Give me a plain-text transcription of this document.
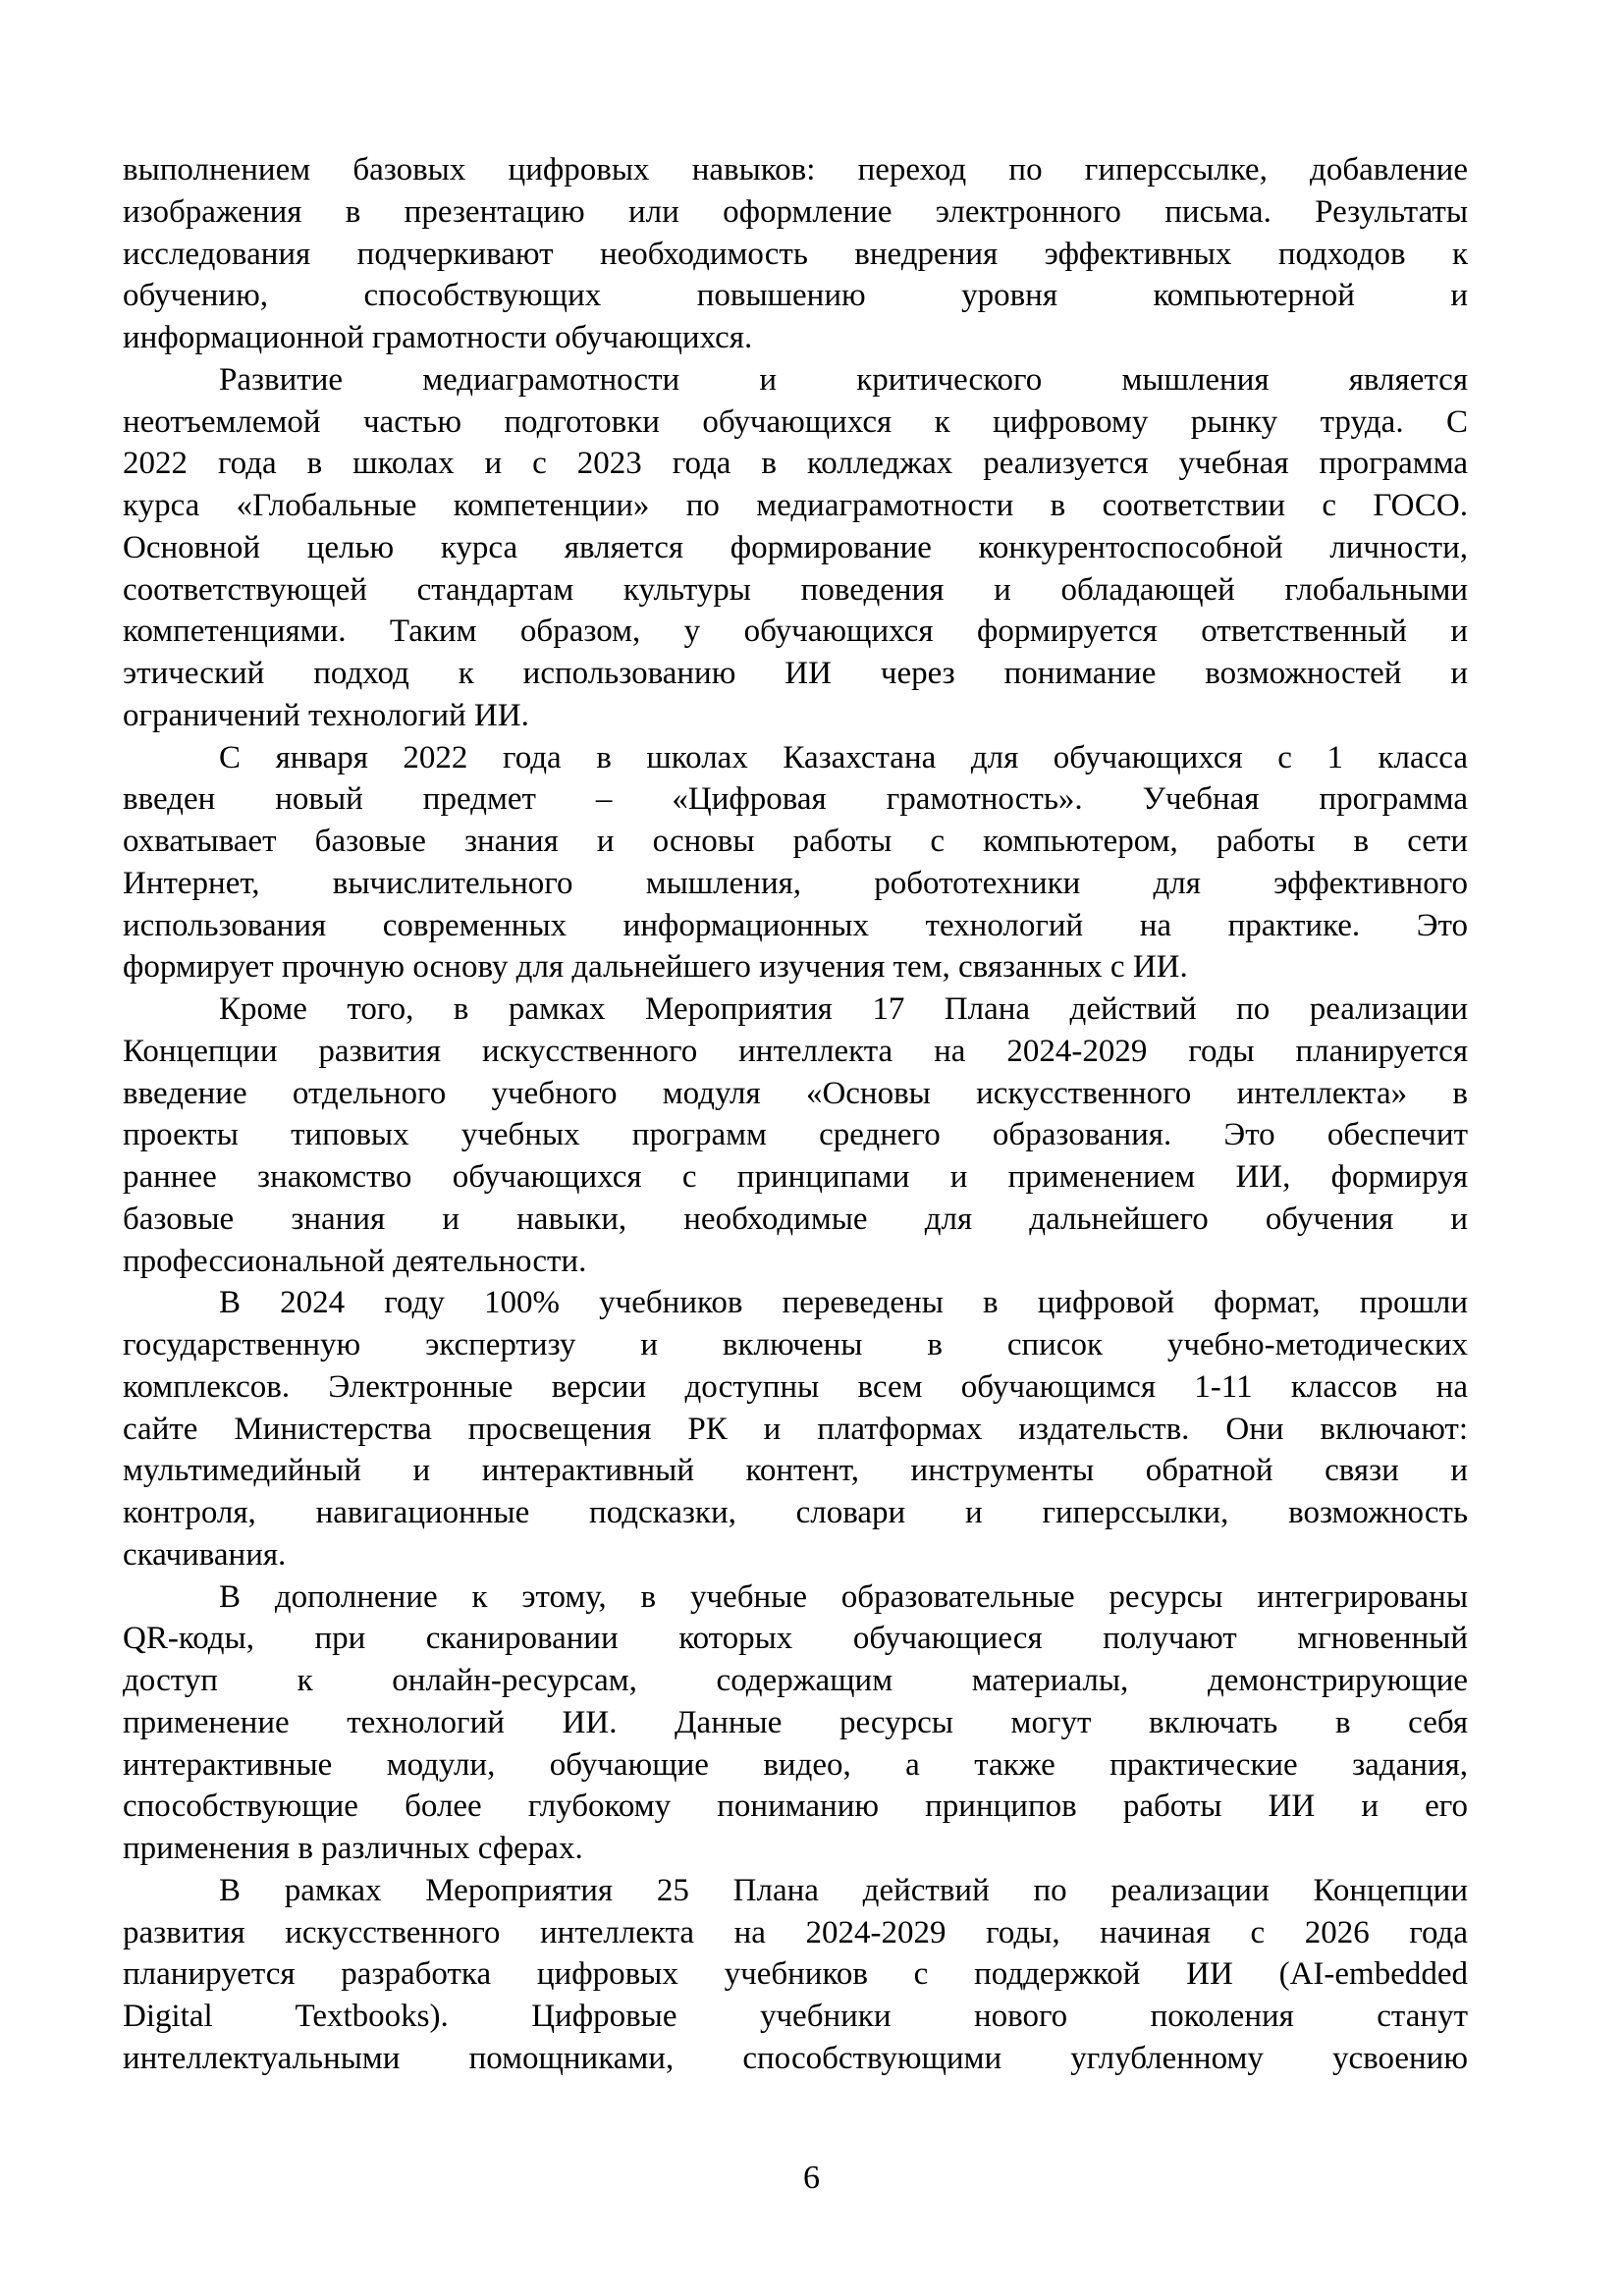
выполнением базовых цифровых навыков: переход по гиперссылке, добавление
изображения в презентацию или оформление электронного письма. Результаты
исследования подчеркивают необходимость внедрения эффективных подходов к
обучению, способствующих повышению уровня компьютерной и
информационной грамотности обучающихся.
Развитие медиаграмотности и критического мышления является
неотъемлемой частью подготовки обучающихся к цифровому рынку труда. С
2022 года в школах и с 2023 года в колледжах реализуется учебная программа
курса «Глобальные компетенции» по медиаграмотности в соответствии с ГОСО.
Основной целью курса является формирование конкурентоспособной личности,
соответствующей стандартам культуры поведения и обладающей глобальными
компетенциями. Таким образом, у обучающихся формируется ответственный и
этический подход к использованию ИИ через понимание возможностей и
ограничений технологий ИИ.
С января 2022 года в школах Казахстана для обучающихся с 1 класса
введен новый предмет – «Цифровая грамотность». Учебная программа
охватывает базовые знания и основы работы с компьютером, работы в сети
Интернет, вычислительного мышления, робототехники для эффективного
использования современных информационных технологий на практике. Это
формирует прочную основу для дальнейшего изучения тем, связанных с ИИ.
Кроме того, в рамках Мероприятия 17 Плана действий по реализации
Концепции развития искусственного интеллекта на 2024-2029 годы планируется
введение отдельного учебного модуля «Основы искусственного интеллекта» в
проекты типовых учебных программ среднего образования. Это обеспечит
раннее знакомство обучающихся с принципами и применением ИИ, формируя
базовые знания и навыки, необходимые для дальнейшего обучения и
профессиональной деятельности.
В 2024 году 100% учебников переведены в цифровой формат, прошли
государственную экспертизу и включены в список учебно-методических
комплексов. Электронные версии доступны всем обучающимся 1-11 классов на
сайте Министерства просвещения РК и платформах издательств. Они включают:
мультимедийный и интерактивный контент, инструменты обратной связи и
контроля, навигационные подсказки, словари и гиперссылки, возможность
скачивания.
В дополнение к этому, в учебные образовательные ресурсы интегрированы
QR-коды, при сканировании которых обучающиеся получают мгновенный
доступ к онлайн-ресурсам, содержащим материалы, демонстрирующие
применение технологий ИИ. Данные ресурсы могут включать в себя
интерактивные модули, обучающие видео, а также практические задания,
способствующие более глубокому пониманию принципов работы ИИ и его
применения в различных сферах.
В рамках Мероприятия 25 Плана действий по реализации Концепции
развития искусственного интеллекта на 2024-2029 годы, начиная с 2026 года
планируется разработка цифровых учебников с поддержкой ИИ (AI-embedded
Digital Textbooks). Цифровые учебники нового поколения станут
интеллектуальными помощниками, способствующими углубленному усвоению
6
